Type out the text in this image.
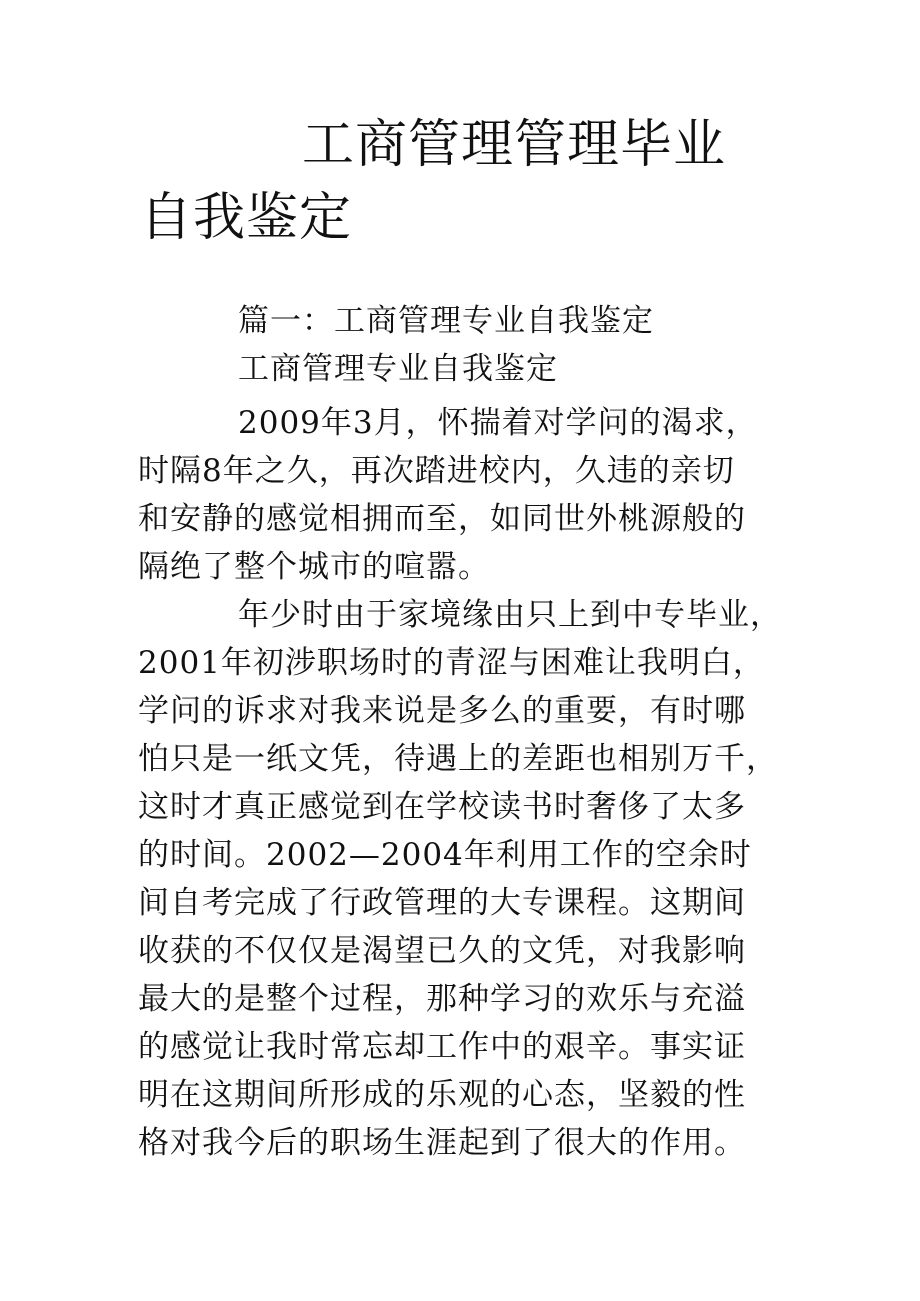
工商管理管理毕业
自我鉴定
篇一：工商管理专业自我鉴定
工商管理专业自我鉴定
2009年3月，怀揣着对学问的渴求，
时隔8年之久，再次踏进校内，久违的亲切
和安静的感觉相拥而至，如同世外桃源般的
隔绝了整个城市的喧嚣。
年少时由于家境缘由只上到中专毕业，
2001年初涉职场时的青涩与困难让我明白，
学问的诉求对我来说是多么的重要，有时哪
怕只是一纸文凭，待遇上的差距也相别万千，
这时才真正感觉到在学校读书时奢侈了太多
的时间。2002—2004年利用工作的空余时
间自考完成了行政管理的大专课程。这期间
收获的不仅仅是渴望已久的文凭，对我影响
最大的是整个过程，那种学习的欢乐与充溢
的感觉让我时常忘却工作中的艰辛。事实证
明在这期间所形成的乐观的心态，坚毅的性
格对我今后的职场生涯起到了很大的作用。
